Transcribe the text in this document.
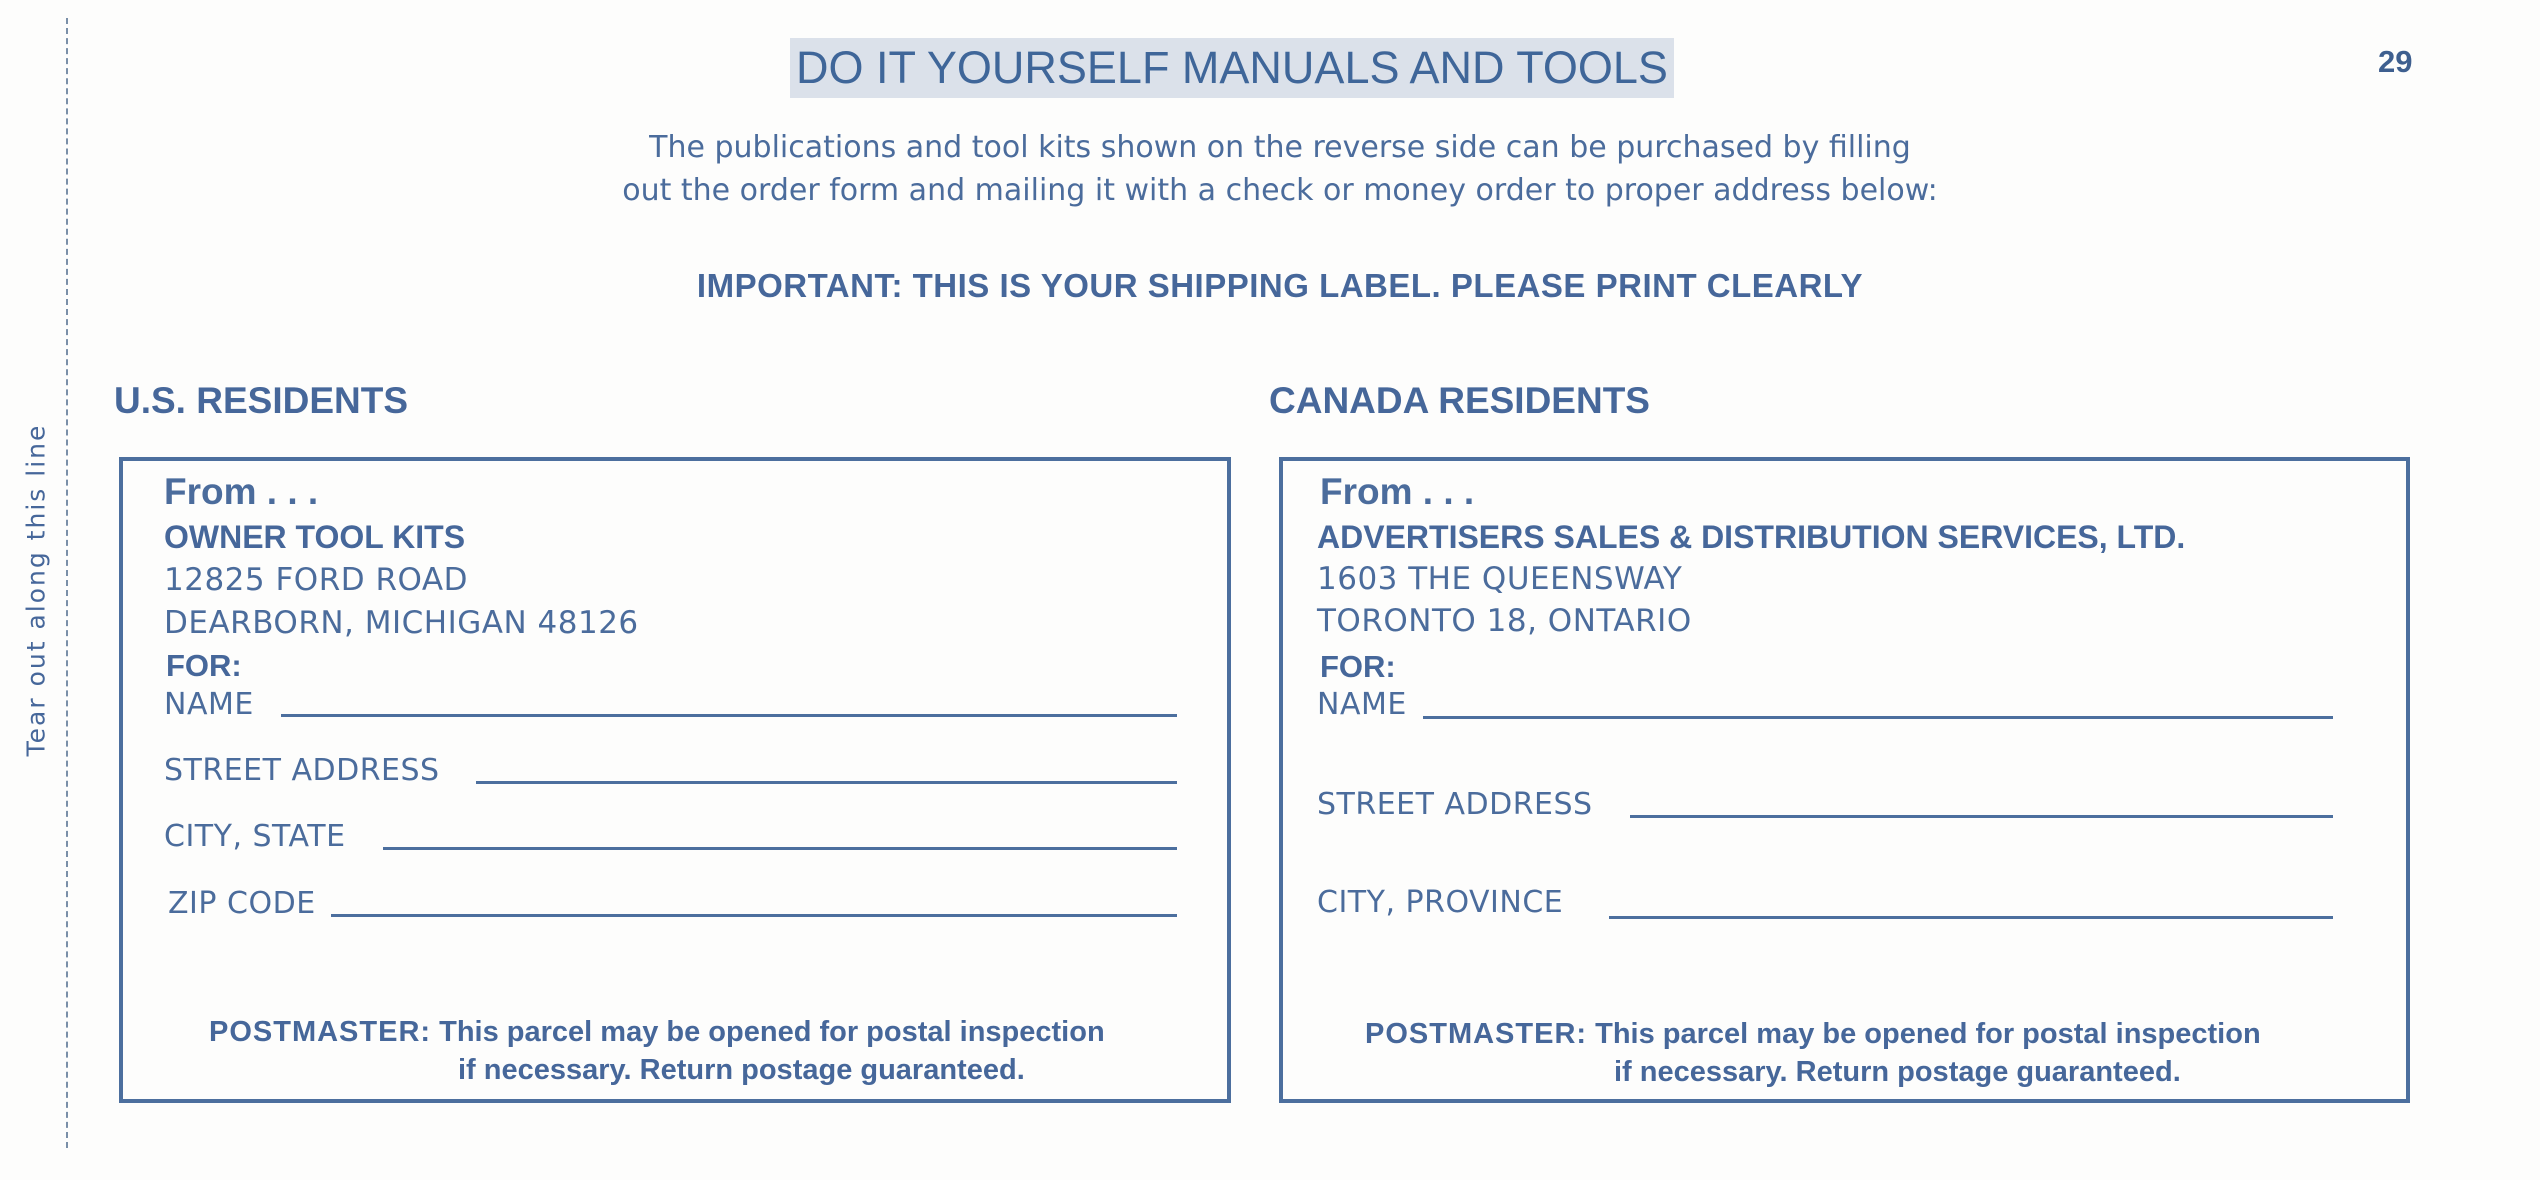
Tear out along this line
DO IT YOURSELF MANUALS AND TOOLS	29
The publications and tool kits shown on the reverse side can be purchased by filling
out the order form and mailing it with a check or money order to proper address below:
IMPORTANT: THIS IS YOUR SHIPPING LABEL. PLEASE PRINT CLEARLY
U.S. RESIDENTS	CANADA RESIDENTS
From . . .
OWNER TOOL KITS
12825 FORD ROAD
DEARBORN, MICHIGAN 48126
FOR:
NAME
STREET ADDRESS
CITY, STATE
ZIP CODE
POSTMASTER: This parcel may be opened for postal inspection
if necessary. Return postage guaranteed.
From . . .
ADVERTISERS SALES & DISTRIBUTION SERVICES, LTD.
1603 THE QUEENSWAY
TORONTO 18, ONTARIO
FOR:
NAME
STREET ADDRESS
CITY, PROVINCE
POSTMASTER: This parcel may be opened for postal inspection
if necessary. Return postage guaranteed.
